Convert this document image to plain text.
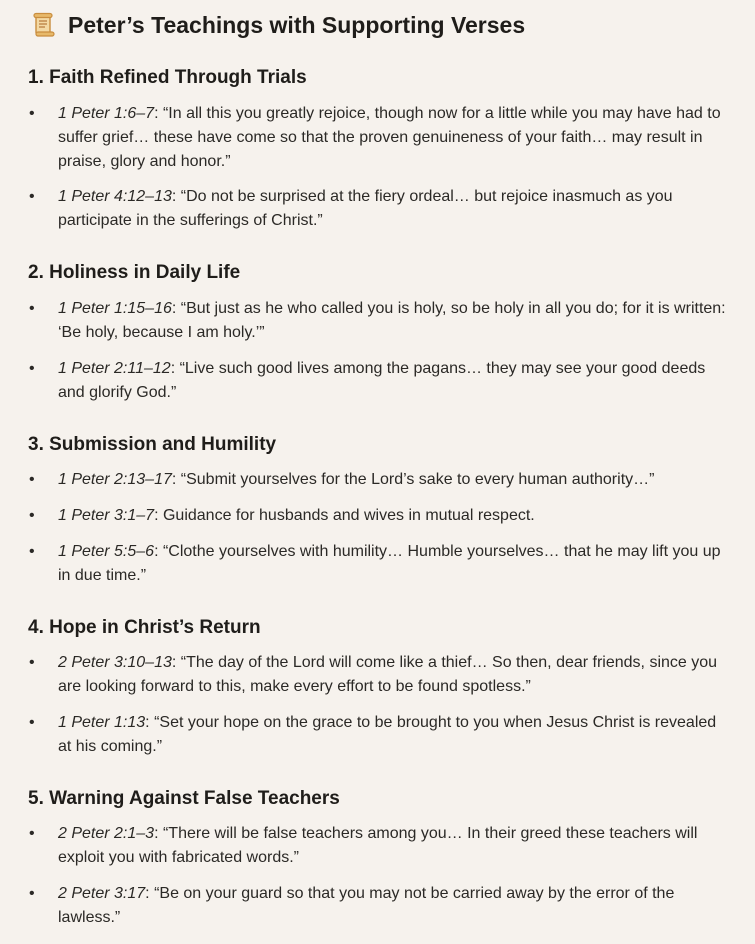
Peter’s Teachings with Supporting Verses
1. Faith Refined Through Trials
• 1 Peter 1:6–7: “In all this you greatly rejoice, though now for a little while you may have had to suffer grief… these have come so that the proven genuineness of your faith… may result in praise, glory and honor.”
• 1 Peter 4:12–13: “Do not be surprised at the fiery ordeal… but rejoice inasmuch as you participate in the sufferings of Christ.”
2. Holiness in Daily Life
• 1 Peter 1:15–16: “But just as he who called you is holy, so be holy in all you do; for it is written: ‘Be holy, because I am holy.’”
• 1 Peter 2:11–12: “Live such good lives among the pagans… they may see your good deeds and glorify God.”
3. Submission and Humility
• 1 Peter 2:13–17: “Submit yourselves for the Lord’s sake to every human authority…”
• 1 Peter 3:1–7: Guidance for husbands and wives in mutual respect.
• 1 Peter 5:5–6: “Clothe yourselves with humility… Humble yourselves… that he may lift you up in due time.”
4. Hope in Christ’s Return
• 2 Peter 3:10–13: “The day of the Lord will come like a thief… So then, dear friends, since you are looking forward to this, make every effort to be found spotless.”
• 1 Peter 1:13: “Set your hope on the grace to be brought to you when Jesus Christ is revealed at his coming.”
5. Warning Against False Teachers
• 2 Peter 2:1–3: “There will be false teachers among you… In their greed these teachers will exploit you with fabricated words.”
• 2 Peter 3:17: “Be on your guard so that you may not be carried away by the error of the lawless.”
